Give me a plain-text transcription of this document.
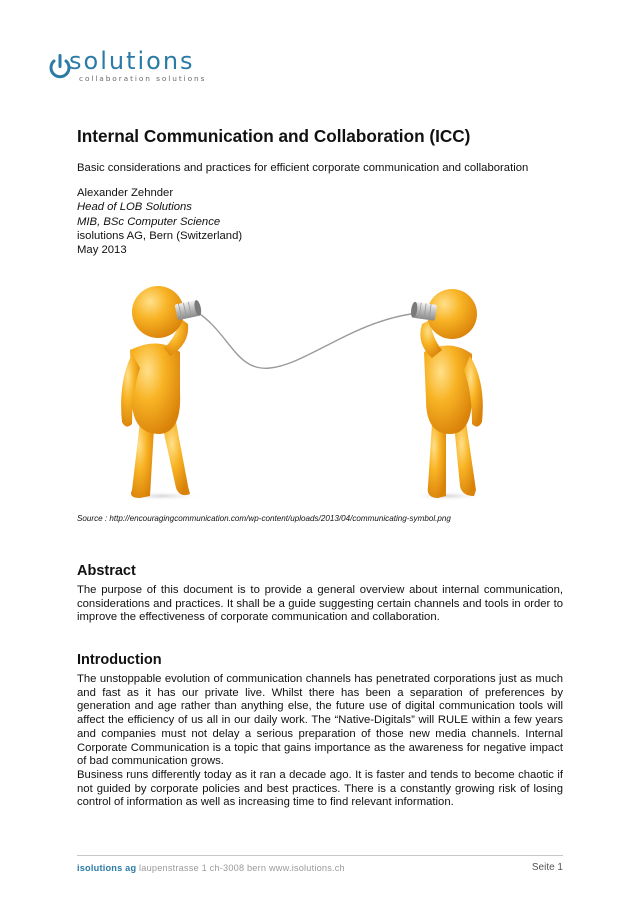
solutions
collaboration solutions
Internal Communication and Collaboration (ICC)
Basic considerations and practices for efficient corporate communication and collaboration
Alexander Zehnder
Head of LOB Solutions
MIB, BSc Computer Science
isolutions AG, Bern (Switzerland)
May 2013
Source : http://encouragingcommunication.com/wp-content/uploads/2013/04/communicating-symbol.png
Abstract

The purpose of this document is to provide a general overview about internal communication, considerations and practices. It shall be a guide suggesting certain channels and tools in order to improve the effectiveness of corporate communication and collaboration.

Introduction

The unstoppable evolution of communication channels has penetrated corporations just as much and fast as it has our private live. Whilst there has been a separation of preferences by generation and age rather than anything else, the future use of digital communication tools will affect the efficiency of us all in our daily work. The “Native-Digitals” will RULE within a few years and companies must not delay a serious preparation of those new media channels. Internal Corporate Communication is a topic that gains importance as the awareness for negative impact of bad communication grows.

Business runs differently today as it ran a decade ago. It is faster and tends to become chaotic if not guided by corporate policies and best practices. There is a constantly growing risk of losing control of information as well as increasing time to find relevant information.

isolutions ag laupenstrasse 1 ch-3008 bern www.isolutions.ch	Seite 1
